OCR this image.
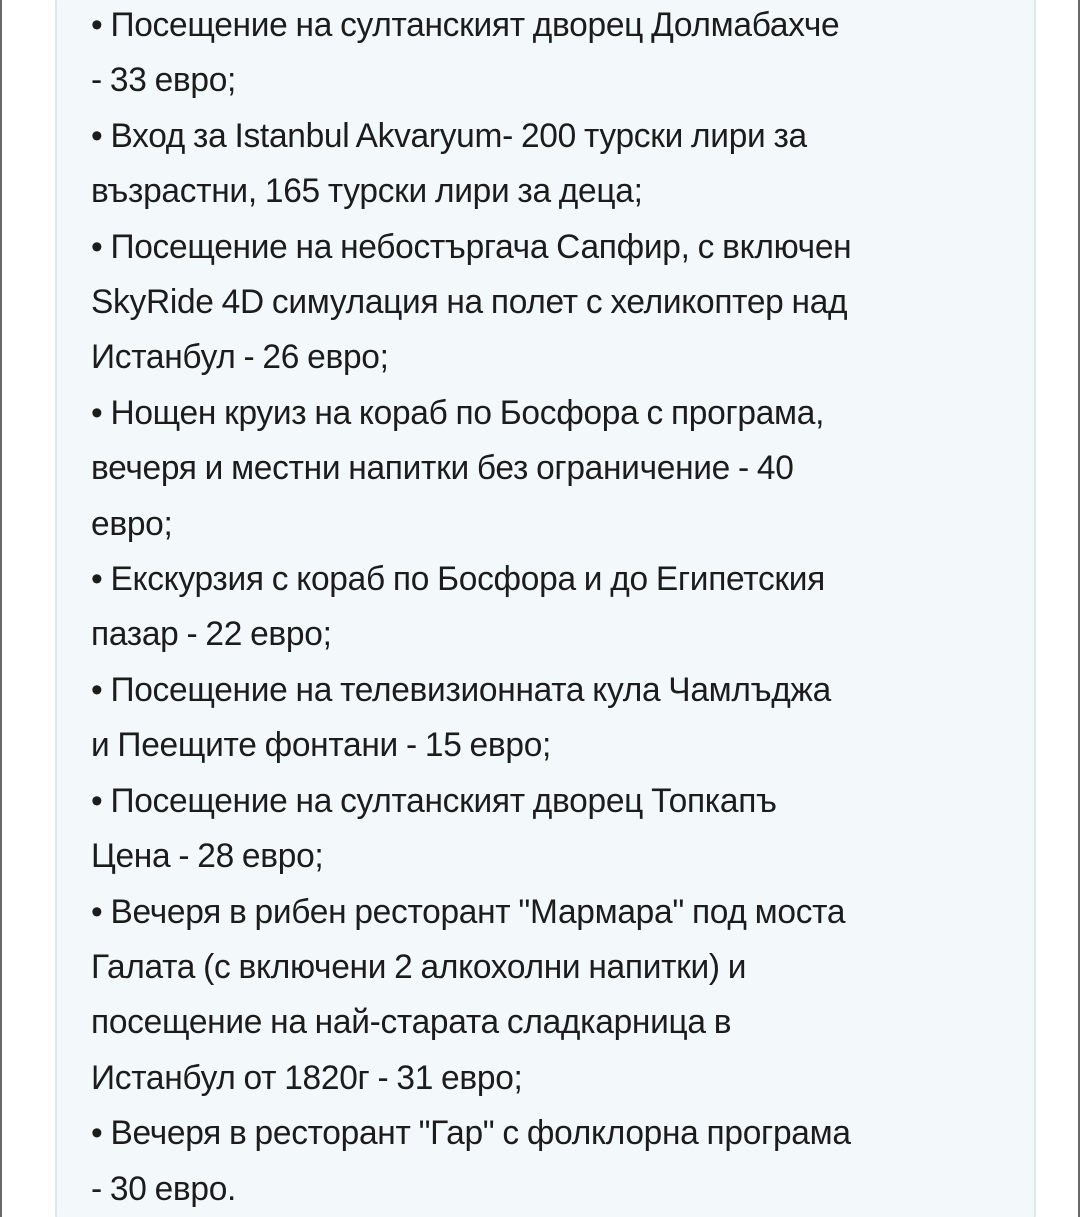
• Посещение на султанският дворец Долмабахче
- 33 евро;
• Вход за Istanbul Akvaryum- 200 турски лири за
възрастни, 165 турски лири за деца;
• Посещение на небостъргача Сапфир, с включен
SkyRide 4D симулация на полет с хеликоптер над
Истанбул - 26 евро;
• Нощен круиз на кораб по Босфора с програма,
вечеря и местни напитки без ограничение - 40
евро;
• Екскурзия с кораб по Босфора и до Египетския
пазар - 22 евро;
• Посещение на телевизионната кула Чамлъджа
и Пеещите фонтани - 15 евро;
• Посещение на султанският дворец Топкапъ
Цена - 28 евро;
• Вечеря в рибен ресторант "Мармара" под моста
Галата (с включени 2 алкохолни напитки) и
посещение на най-старата сладкарница в
Истанбул от 1820г - 31 евро;
• Вечеря в ресторант "Гар" с фолклорна програма
- 30 евро.
